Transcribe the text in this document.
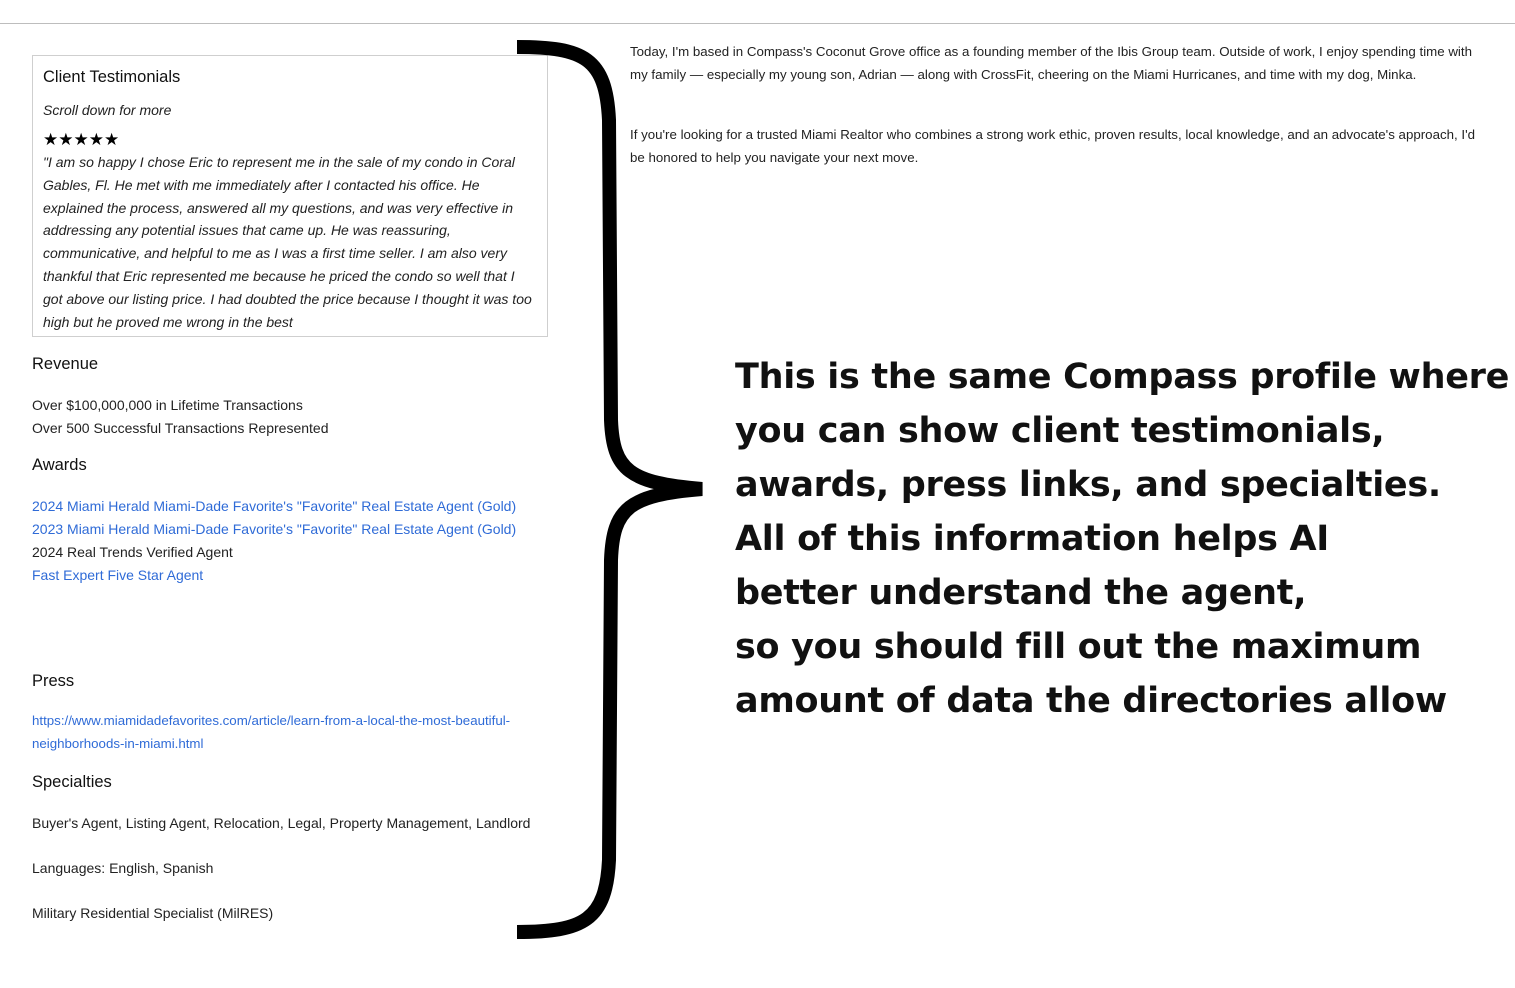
Client Testimonials
Scroll down for more
★★★★★

"I am so happy I chose Eric to represent me in the sale of my condo in Coral Gables, Fl. He met with me immediately after I contacted his office. He explained the process, answered all my questions, and was very effective in addressing any potential issues that came up. He was reassuring, communicative, and helpful to me as I was a first time seller. I am also very thankful that Eric represented me because he priced the condo so well that I got above our listing price. I had doubted the price because I thought it was too high but he proved me wrong in the best

Revenue

Over $100,000,000 in Lifetime Transactions

Over 500 Successful Transactions Represented

Awards

2024 Miami Herald Miami-Dade Favorite's "Favorite" Real Estate Agent (Gold)

2023 Miami Herald Miami-Dade Favorite's "Favorite" Real Estate Agent (Gold)

2024 Real Trends Verified Agent

Fast Expert Five Star Agent

Press

https://www.miamidadefavorites.com/article/learn-from-a-local-the-most-beautiful-

neighborhoods-in-miami.html

Specialties

Buyer's Agent, Listing Agent, Relocation, Legal, Property Management, Landlord

Languages: English, Spanish

Military Residential Specialist (MilRES)

Today, I'm based in Compass's Coconut Grove office as a founding member of the Ibis Group team. Outside of work, I enjoy spending time with my family — especially my young son, Adrian — along with CrossFit, cheering on the Miami Hurricanes, and time with my dog, Minka.

If you're looking for a trusted Miami Realtor who combines a strong work ethic, proven results, local knowledge, and an advocate's approach, I'd be honored to help you navigate your next move.

This is the same Compass profile where
you can show client testimonials,
awards, press links, and specialties.
All of this information helps AI
better understand the agent,
so you should fill out the maximum
amount of data the directories allow
